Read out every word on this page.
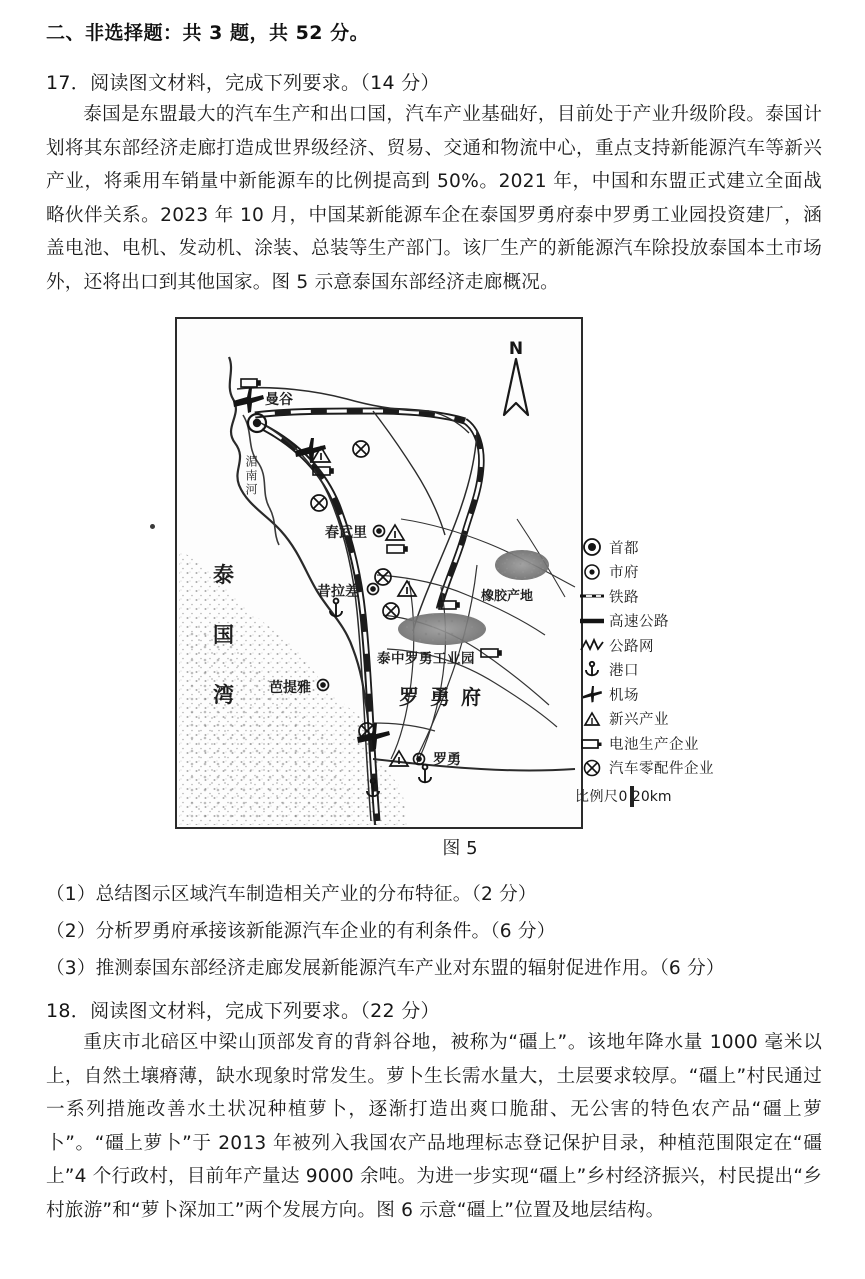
二、非选择题：共 3 题，共 52 分。
17．阅读图文材料，完成下列要求。（14 分）
泰国是东盟最大的汽车生产和出口国，汽车产业基础好，目前处于产业升级阶段。泰国计划将其东部经济走廊打造成世界级经济、贸易、交通和物流中心，重点支持新能源汽车等新兴产业，将乘用车销量中新能源车的比例提高到 50%。2021 年，中国和东盟正式建立全面战略伙伴关系。2023 年 10 月，中国某新能源车企在泰国罗勇府泰中罗勇工业园投资建厂，涵盖电池、电机、发动机、涂装、总装等生产部门。该厂生产的新能源汽车除投放泰国本土市场外，还将出口到其他国家。图 5 示意泰国东部经济走廊概况。
曼谷
春武里
昔拉差
芭提雅
罗勇
泰中罗勇工业园
罗勇府
湄南河
泰
国
湾
N
橡胶产地
首都
市府
铁路
高速公路
公路网
港口
机场
新兴产业
电池生产企业
汽车零配件企业
比例尺 0 20km
图 5
（1）总结图示区域汽车制造相关产业的分布特征。（2 分）
（2）分析罗勇府承接该新能源汽车企业的有利条件。（6 分）
（3）推测泰国东部经济走廊发展新能源汽车产业对东盟的辐射促进作用。（6 分）
18．阅读图文材料，完成下列要求。（22 分）
重庆市北碚区中梁山顶部发育的背斜谷地，被称为“礓上”。该地年降水量 1000 毫米以上，自然土壤瘠薄，缺水现象时常发生。萝卜生长需水量大，土层要求较厚。“礓上”村民通过一系列措施改善水土状况种植萝卜，逐渐打造出爽口脆甜、无公害的特色农产品“礓上萝卜”。“礓上萝卜”于 2013 年被列入我国农产品地理标志登记保护目录，种植范围限定在“礓上”4 个行政村，目前年产量达 9000 余吨。为进一步实现“礓上”乡村经济振兴，村民提出“乡村旅游”和“萝卜深加工”两个发展方向。图 6 示意“礓上”位置及地层结构。
